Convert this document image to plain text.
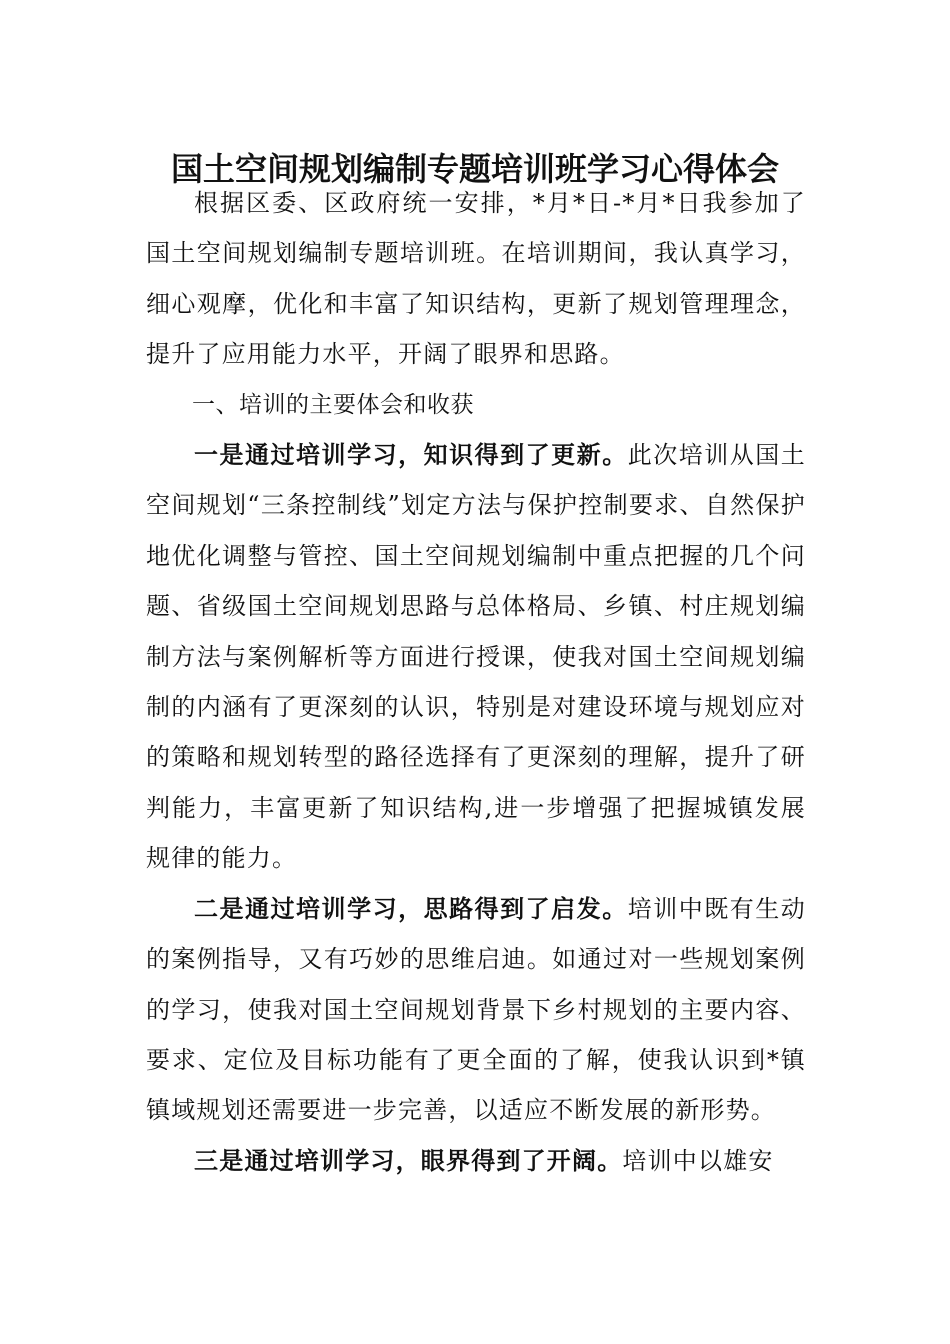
国土空间规划编制专题培训班学习心得体会

根据区委、区政府统一安排，*月*日-*月*日我参加了国土空间规划编制专题培训班。在培训期间，我认真学习，细心观摩，优化和丰富了知识结构，更新了规划管理理念，提升了应用能力水平，开阔了眼界和思路。

一、培训的主要体会和收获

一是通过培训学习，知识得到了更新。此次培训从国土空间规划“三条控制线”划定方法与保护控制要求、自然保护地优化调整与管控、国土空间规划编制中重点把握的几个问题、省级国土空间规划思路与总体格局、乡镇、村庄规划编制方法与案例解析等方面进行授课，使我对国土空间规划编制的内涵有了更深刻的认识，特别是对建设环境与规划应对的策略和规划转型的路径选择有了更深刻的理解，提升了研判能力，丰富更新了知识结构,进一步增强了把握城镇发展规律的能力。

二是通过培训学习，思路得到了启发。培训中既有生动的案例指导，又有巧妙的思维启迪。如通过对一些规划案例的学习，使我对国土空间规划背景下乡村规划的主要内容、要求、定位及目标功能有了更全面的了解，使我认识到*镇镇域规划还需要进一步完善，以适应不断发展的新形势。

三是通过培训学习，眼界得到了开阔。培训中以雄安
